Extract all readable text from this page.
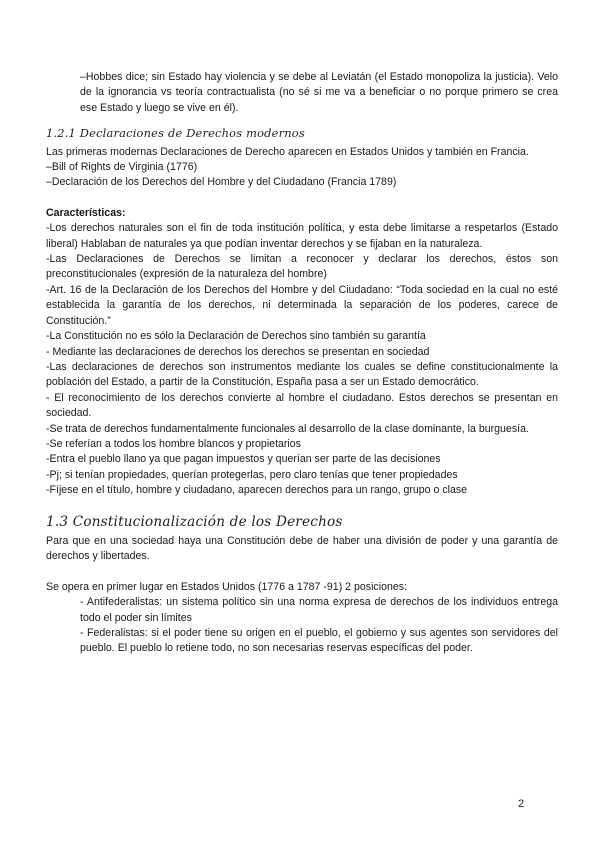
–Hobbes dice; sin Estado hay violencia y se debe al Leviatán (el Estado monopoliza la justicia). Velo de la ignorancia vs teoría contractualista (no sé si me va a beneficiar o no porque primero se crea ese Estado y luego se vive en él).

1.2.1 Declaraciones de Derechos modernos

Las primeras modernas Declaraciones de Derecho aparecen en Estados Unidos y también en Francia.

–Bill of Rights de Virginia (1776)

–Declaración de los Derechos del Hombre y del Ciudadano (Francia 1789)

Características:

-Los derechos naturales son el fin de toda institución política, y esta debe limitarse a respetarlos (Estado liberal) Hablaban de naturales ya que podían inventar derechos y se fijaban en la naturaleza.

-Las Declaraciones de Derechos se limitan a reconocer y declarar los derechos, éstos son preconstitucionales (expresión de la naturaleza del hombre)

-Art. 16 de la Declaración de los Derechos del Hombre y del Ciudadano: “Toda sociedad en la cual no esté establecida la garantía de los derechos, ni determinada la separación de los poderes, carece de Constitución.”

-La Constitución no es sólo la Declaración de Derechos sino también su garantía

- Mediante las declaraciones de derechos los derechos se presentan en sociedad

-Las declaraciones de derechos son instrumentos mediante los cuales se define constitucionalmente la población del Estado, a partir de la Constitución, España pasa a ser un Estado democrático.

- El reconocimiento de los derechos convierte al hombre el ciudadano. Estos derechos se presentan en sociedad.

-Se trata de derechos fundamentalmente funcionales al desarrollo de la clase dominante, la burguesía.

-Se referían a todos los hombre blancos y propietarios

-Entra el pueblo llano ya que pagan impuestos y querían ser parte de las decisiones

-Pj; si tenían propiedades, querían protegerlas, pero claro tenías que tener propiedades

-Fíjese en el título, hombre y ciudadano, aparecen derechos para un rango, grupo o clase

1.3 Constitucionalización de los Derechos

Para que en una sociedad haya una Constitución debe de haber una división de poder y una garantía de derechos y libertades.

Se opera en primer lugar en Estados Unidos (1776 a 1787 -91) 2 posiciones:

- Antifederalistas: un sistema político sin una norma expresa de derechos de los individuos entrega todo el poder sin límites

- Federalistas: si el poder tiene su origen en el pueblo, el gobierno y sus agentes son servidores del pueblo. El pueblo lo retiene todo, no son necesarias reservas específicas del poder.

2
